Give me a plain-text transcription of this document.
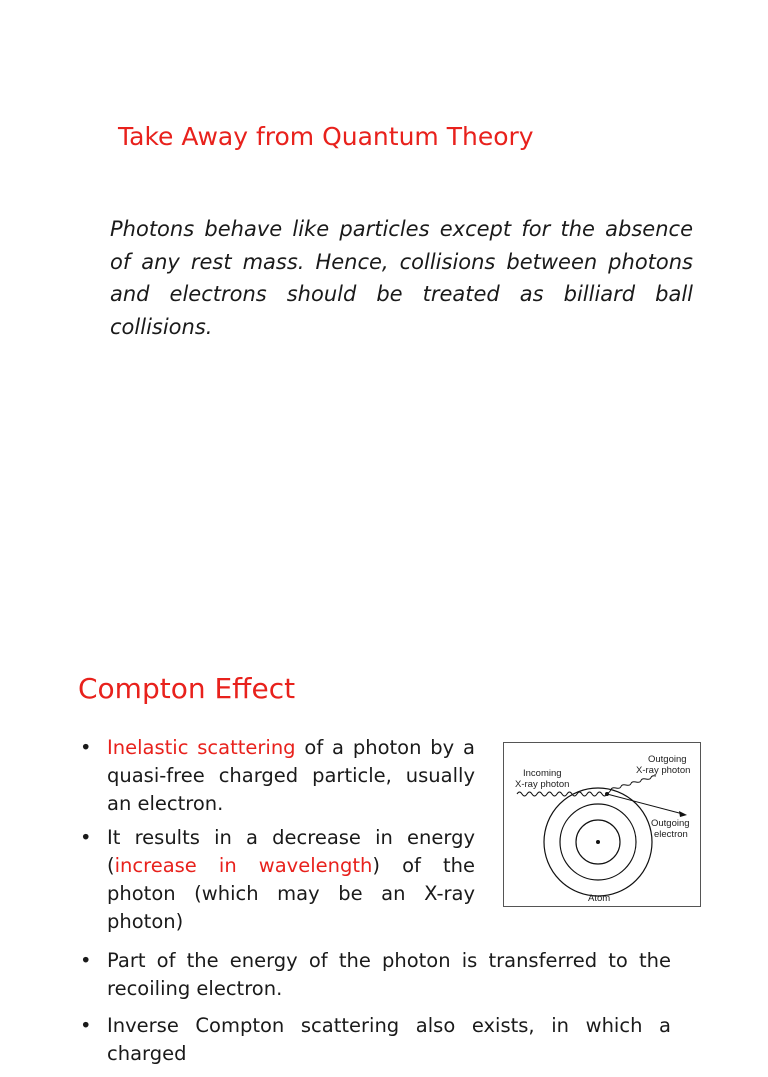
Take Away from Quantum Theory

Photons behave like particles except for the absence of any rest mass. Hence, collisions between photons and electrons should be treated as billiard ball collisions.

Compton Effect
• Inelastic scattering of a photon by a quasi-free charged particle, usually an electron.
• It results in a decrease in energy (increase in wavelength) of the photon (which may be an X-ray photon)
• Part of the energy of the photon is transferred to the recoiling electron.
• Inverse Compton scattering also exists, in which a charged
Incoming
X-ray photon
Outgoing
X-ray photon
Outgoing
electron
Atom
